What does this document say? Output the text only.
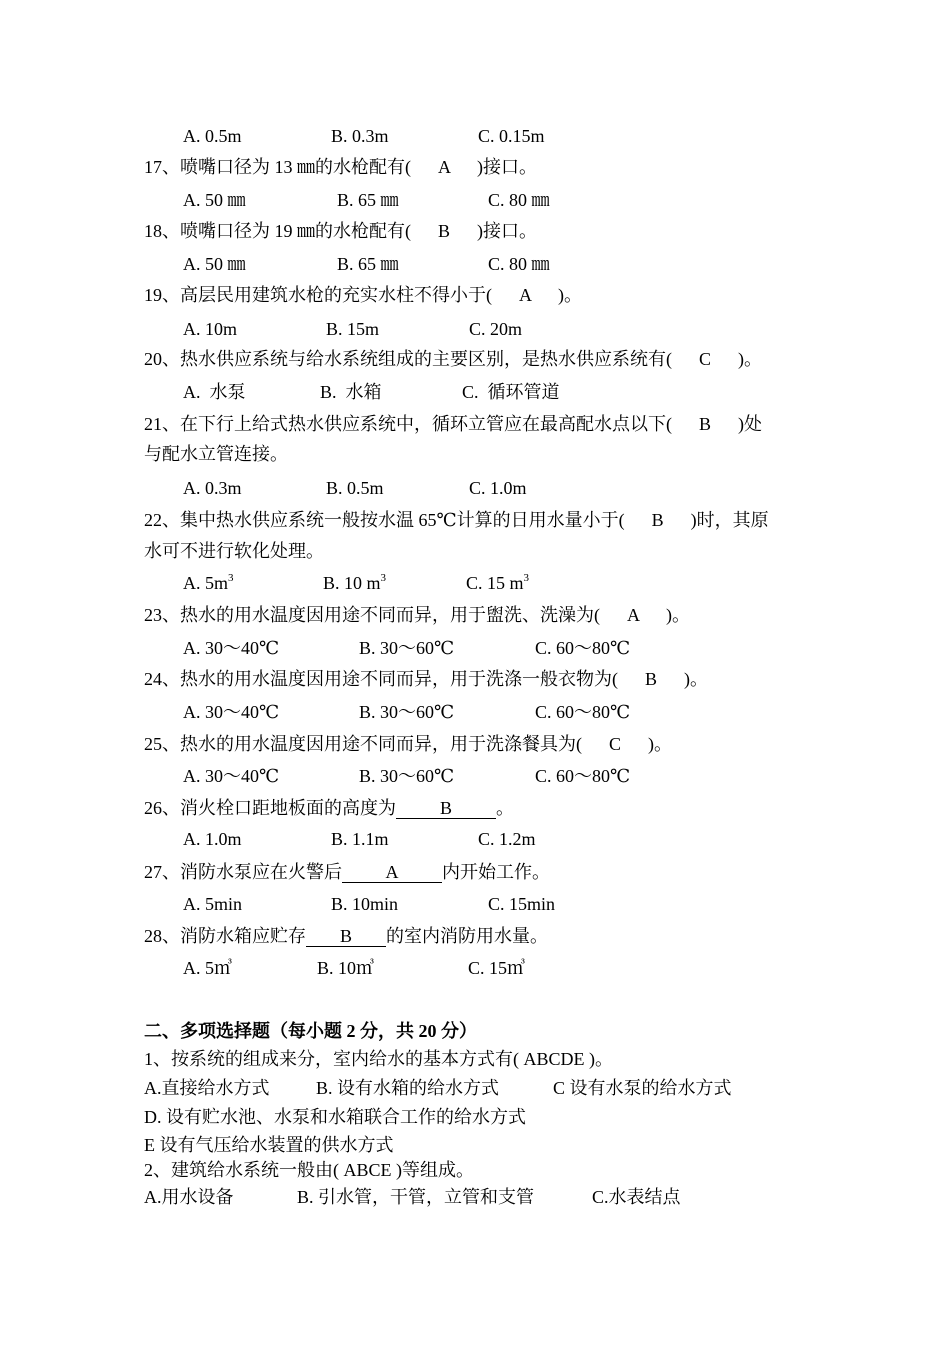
A. 0.5m	B. 0.3m	C. 0.15m
17、喷嘴口径为 13 ㎜的水枪配有(      A      )接口。
A. 50 ㎜	B. 65 ㎜	C. 80 ㎜
18、喷嘴口径为 19 ㎜的水枪配有(      B      )接口。
A. 50 ㎜	B. 65 ㎜	C. 80 ㎜
19、高层民用建筑水枪的充实水柱不得小于(      A      )。
A. 10m	B. 15m	C. 20m
20、热水供应系统与给水系统组成的主要区别，是热水供应系统有(      C      )。
A.  水泵	B.  水箱	C.  循环管道
21、在下行上给式热水供应系统中，循环立管应在最高配水点以下(      B      )处
与配水立管连接。
A. 0.3m	B. 0.5m	C. 1.0m
22、集中热水供应系统一般按水温 65℃计算的日用水量小于(      B      )时，其原
水可不进行软化处理。
23、热水的用水温度因用途不同而异，用于盥洗、洗澡为(      A      )。
A. 30～40℃	B. 30～60℃	C. 60～80℃
24、热水的用水温度因用途不同而异，用于洗涤一般衣物为(      B      )。
A. 30～40℃	B. 30～60℃	C. 60～80℃
25、热水的用水温度因用途不同而异，用于洗涤餐具为(      C      )。
A. 30～40℃	B. 30～60℃	C. 60～80℃
A. $5m^3$	B. 10 $m^3$	C. 15 $m^3$
26、消火栓口距地板面的高度为 B 。
A. 1.0m	B. 1.1m	C. 1.2m
27、消防水泵应在火警后 A 内开始工作。
A. 5min	B. 10min	C. 15min
28、消防水箱应贮存 B 的室内消防用水量。
A. 5㎥	B. 10㎥	C. 15㎥
二、多项选择题（每小题 2 分，共 20 分）
1、按系统的组成来分，室内给水的基本方式有( ABCDE )。
A.直接给水方式	B. 设有水箱的给水方式	C 设有水泵的给水方式
D. 设有贮水池、水泵和水箱联合工作的给水方式
E 设有气压给水装置的供水方式
2、建筑给水系统一般由( ABCE )等组成。
A.用水设备	B. 引水管，干管，立管和支管	C.水表结点
